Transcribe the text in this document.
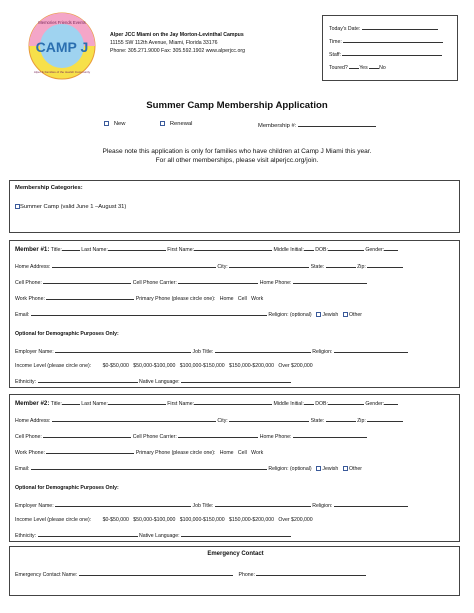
CAMP J
Memories Friends Events
Alper & Families of the Jewish Community
Alper JCC Miami on the Jay Morton-Levinthal Campus
11155 SW 112th Avenue, Miami, Florida 33176
Phone: 305.271.9000 Fax: 305.592.1902 www.alperjcc.org
Today's Date:
Time:
Staff:
Toured? Yes No
Summer Camp Membership Application
New	Renewal	Membership #:
Please note this application is only for families who have children at Camp J Miami this year.
For all other memberships, please visit alperjcc.org/join.
Membership Categories:
Summer Camp (valid June 1 –August 31)
Member #1: Title:	Last Name:	First Name:	Middle Initial: DOB:	Gender:
Home Address:	City:	State:	Zip:
Cell Phone:	Cell Phone Carrier:	Home Phone:
Work Phone:	Primary Phone (please circle one): Home Cell Work
Email:	Religion: (optional) Jewish Other
Optional for Demographic Purposes Only:
Employer Name:	Job Title:	Religion:
Income Level (please circle one): $0-$50,000 $50,000-$100,000 $100,000-$150,000 $150,000-$200,000 Over $200,000
Ethnicity:	Native Language:
Member #2: Title:	Last Name:	First Name:	Middle Initial: DOB:	Gender:
Home Address:	City:	State:	Zip:
Cell Phone:	Cell Phone Carrier:	Home Phone:
Work Phone:	Primary Phone (please circle one): Home Cell Work
Email:	Religion: (optional) Jewish Other
Optional for Demographic Purposes Only:
Employer Name:	Job Title:	Religion:
Income Level (please circle one): $0-$50,000 $50,000-$100,000 $100,000-$150,000 $150,000-$200,000 Over $200,000
Ethnicity:	Native Language:
Emergency Contact
Emergency Contact Name:	Phone:
